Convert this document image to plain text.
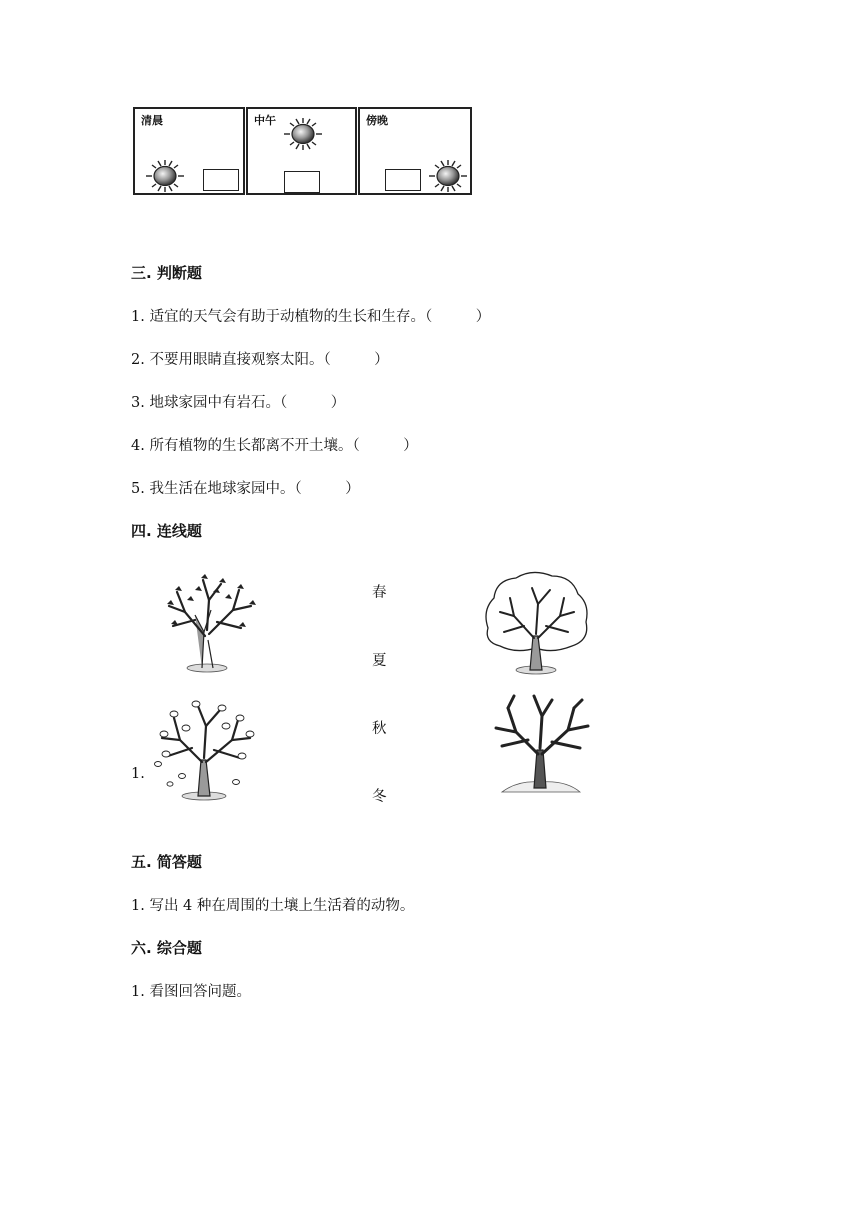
清晨	中午	傍晚
三. 判断题
1. 适宜的天气会有助于动植物的生长和生存。（　　　）
2. 不要用眼睛直接观察太阳。（　　　）
3. 地球家园中有岩石。（　　　）
4. 所有植物的生长都离不开土壤。（　　　）
5. 我生活在地球家园中。（　　　）
四. 连线题
春
夏
秋
冬
1.
五. 简答题
1. 写出 4 种在周围的土壤上生活着的动物。
六. 综合题
1. 看图回答问题。
